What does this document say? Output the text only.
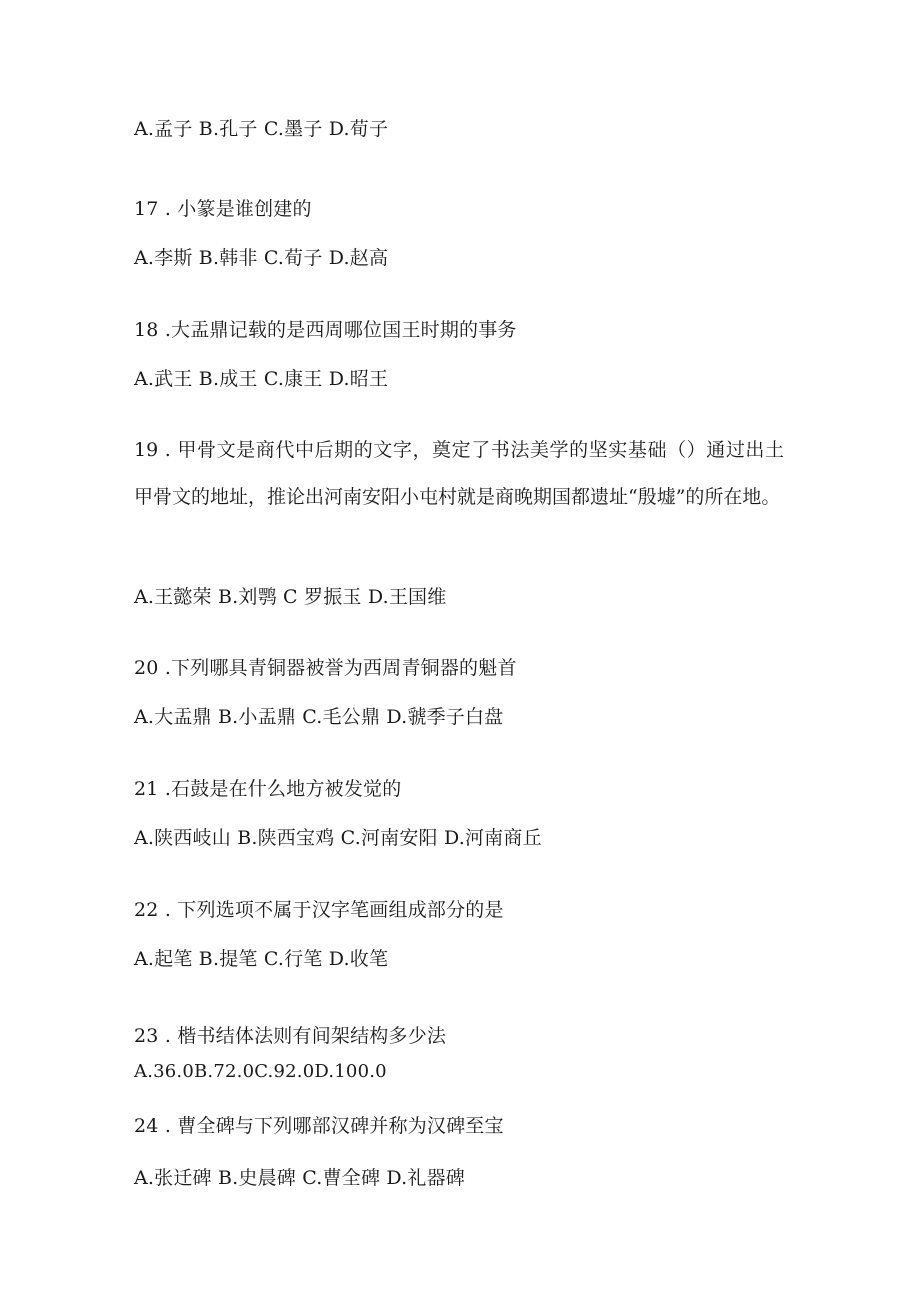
A.孟子 B.孔子 C.墨子 D.荀子
17 . 小篆是谁创建的
A.李斯 B.韩非 C.荀子 D.赵高
18 .大盂鼎记载的是西周哪位国王时期的事务
A.武王 B.成王 C.康王 D.昭王
19 . 甲骨文是商代中后期的文字，奠定了书法美学的坚实基础（）通过出土甲骨文的地址，推论出河南安阳小屯村就是商晚期国都遗址“殷墟”的所在地。
A.王懿荣 B.刘鹗 C 罗振玉 D.王国维
20 .下列哪具青铜器被誉为西周青铜器的魁首
A.大盂鼎 B.小盂鼎 C.毛公鼎 D.虢季子白盘
21 .石鼓是在什么地方被发觉的
A.陕西岐山 B.陕西宝鸡 C.河南安阳 D.河南商丘
22 . 下列选项不属于汉字笔画组成部分的是
A.起笔 B.提笔 C.行笔 D.收笔
23 . 楷书结体法则有间架结构多少法
A.36.0B.72.0C.92.0D.100.0
24 . 曹全碑与下列哪部汉碑并称为汉碑至宝
A.张迁碑 B.史晨碑 C.曹全碑 D.礼器碑
